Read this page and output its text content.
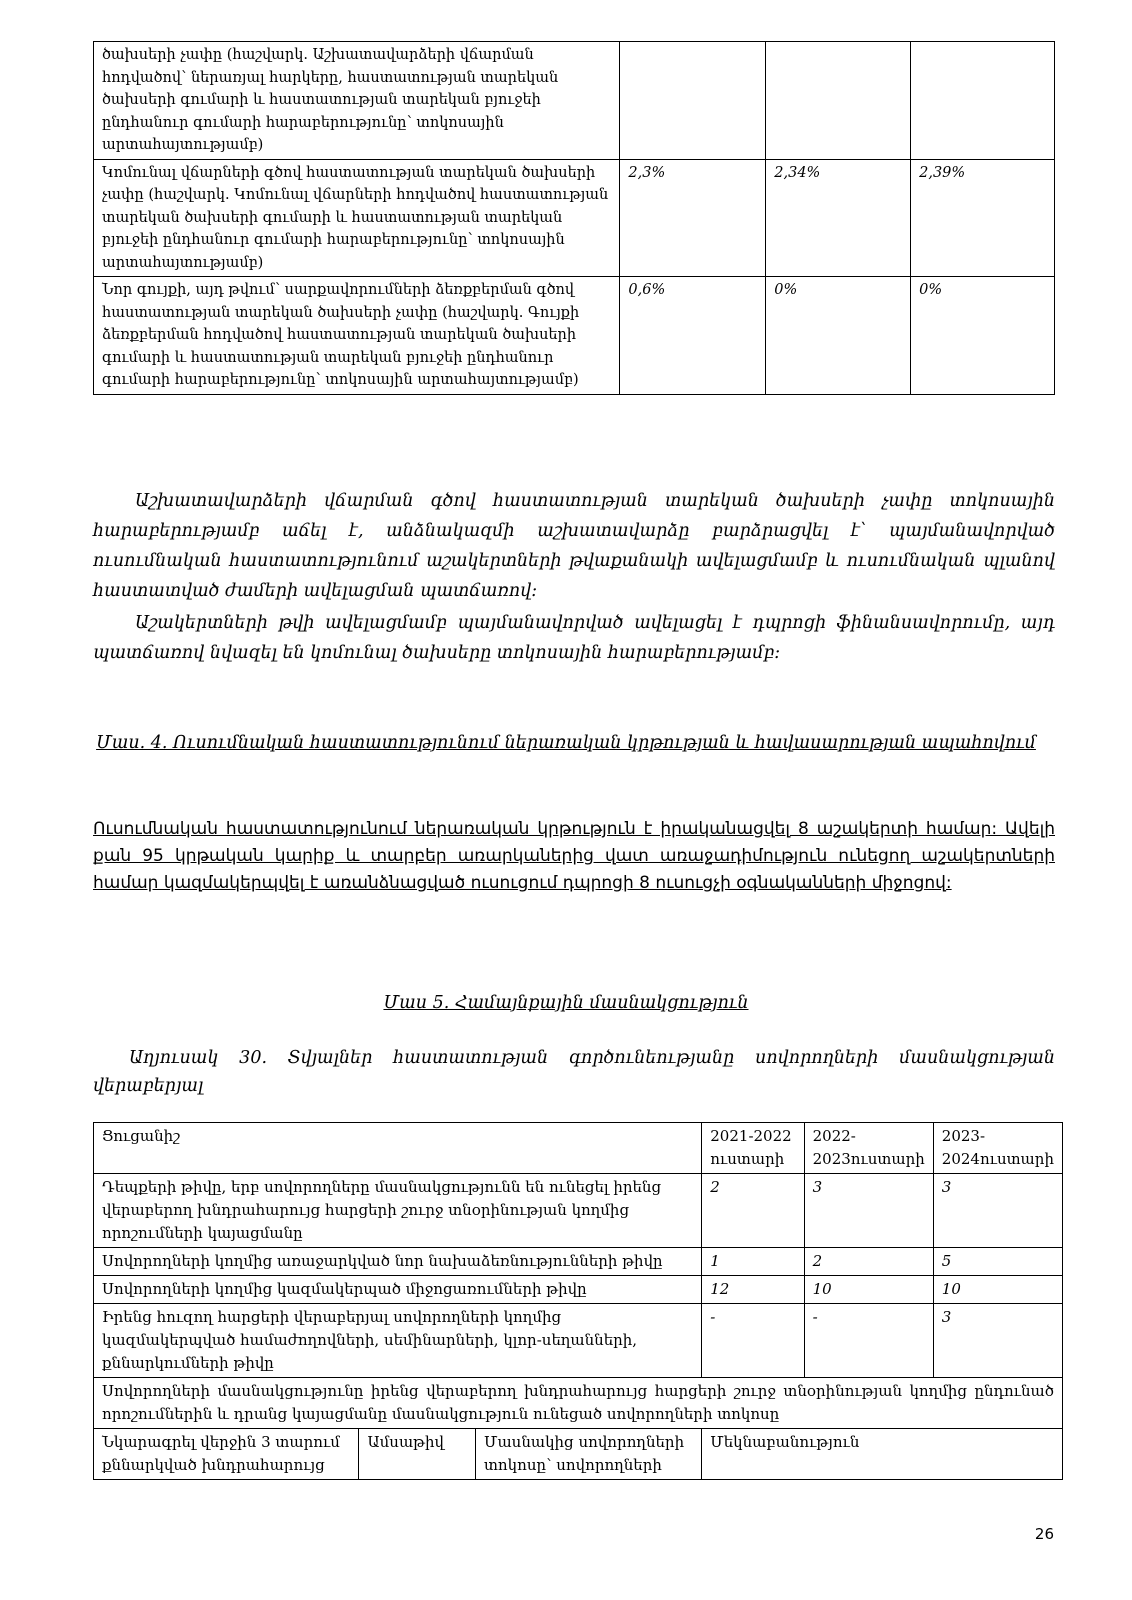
ծախսերի չափը (հաշվարկ. Աշխատավարձերի վճարման հոդվածով՝ ներառյալ հարկերը, հաստատության տարեկան ծախսերի գումարի և հաստատության տարեկան բյուջեի ընդհանուր գումարի հարաբերությունը՝ տոկոսային արտահայտությամբ)			
Կոմունալ վճարների գծով հաստատության տարեկան ծախսերի չափը (հաշվարկ. Կոմունալ վճարների հոդվածով հաստատության տարեկան ծախսերի գումարի և հաստատության տարեկան բյուջեի ընդհանուր գումարի հարաբերությունը՝ տոկոսային արտահայտությամբ)	2,3%	2,34%	2,39%
Նոր գույքի, այդ թվում՝ սարքավորումների ձեռքբերման գծով հաստատության տարեկան ծախսերի չափը (հաշվարկ. Գույքի ձեռքբերման հոդվածով հաստատության տարեկան ծախսերի գումարի և հաստատության տարեկան բյուջեի ընդհանուր գումարի հարաբերությունը՝ տոկոսային արտահայտությամբ)	0,6%	0%	0%

Աշխատավարձերի վճարման գծով հաստատության տարեկան ծախսերի չափը տոկոսային հարաբերությամբ աճել է, անձնակազմի աշխատավարձը բարձրացվել է՝ պայմանավորված ուսումնական հաստատությունում աշակերտների թվաքանակի ավելացմամբ և ուսումնական պլանով հաստատված ժամերի ավելացման պատճառով:

Աշակերտների թվի ավելացմամբ պայմանավորված ավելացել է դպրոցի ֆինանսավորումը, այդ պատճառով նվազել են կոմունալ ծախսերը տոկոսային հարաբերությամբ:

Մաս. 4. Ուսումնական հաստատությունում ներառական կրթության և հավասարության ապահովում

Ուսումնական հաստատությունում ներառական կրթություն է իրականացվել 8 աշակերտի համար: Ավելի քան 95 կրթական կարիք և տարբեր առարկաներից վատ առաջադիմություն ունեցող աշակերտների համար կազմակերպվել է առանձնացված ուսուցում դպրոցի 8 ուսուցչի օգնականների միջոցով:

Մաս 5. Համայնքային մասնակցություն

Աղյուսակ 30. Տվյալներ հաստատության գործունեությանը սովորողների մասնակցության վերաբերյալ

Ցուցանիշ			2021-2022 ուստարի	2022-2023ուստարի	2023-2024ուստարի
Դեպքերի թիվը, երբ սովորողները մասնակցությունն են ունեցել իրենց վերաբերող խնդրահարույց հարցերի շուրջ տնօրինության կողմից որոշումների կայացմանը			2	3	3
Սովորողների կողմից առաջարկված նոր նախաձեռնությունների թիվը			1	2	5
Սովորողների կողմից կազմակերպած միջոցառումների թիվը			12	10	10
Իրենց հուզող հարցերի վերաբերյալ սովորողների կողմից կազմակերպված համաժողովների, սեմինարների, կլոր-սեղանների, քննարկումների թիվը			-	-	3
Սովորողների մասնակցությունը իրենց վերաբերող խնդրահարույց հարցերի շուրջ տնօրինության կողմից ընդունած որոշումներին և դրանց կայացմանը մասնակցություն ունեցած սովորողների տոկոսը					
Նկարագրել վերջին 3 տարում քննարկված խնդրահարույց	Ամսաթիվ	Մասնակից սովորողների տոկոսը՝ սովորողների	Մեկնաբանություն		
26
